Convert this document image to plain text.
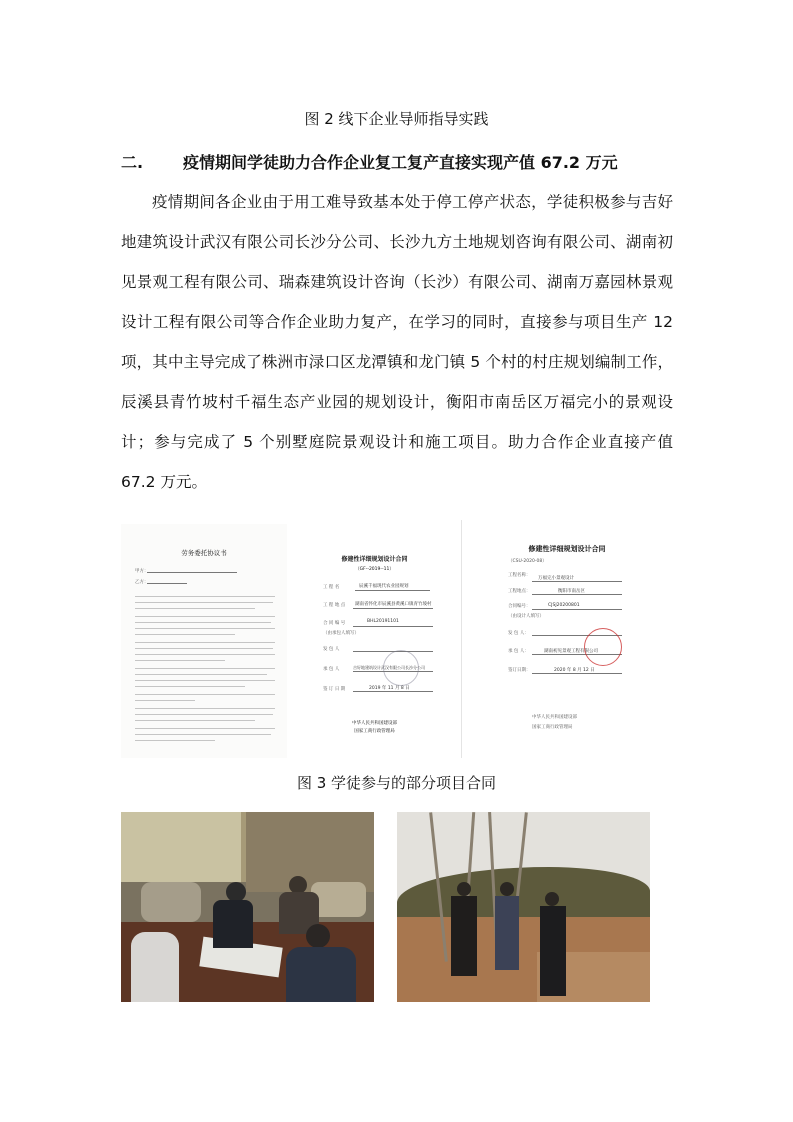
图 2 线下企业导师指导实践
二. 疫情期间学徒助力合作企业复工复产直接实现产值 67.2 万元

疫情期间各企业由于用工难导致基本处于停工停产状态，学徒积极参与吉好地建筑设计武汉有限公司长沙分公司、长沙九方土地规划咨询有限公司、湖南初见景观工程有限公司、瑞森建筑设计咨询（长沙）有限公司、湖南万嘉园林景观设计工程有限公司等合作企业助力复产，在学习的同时，直接参与项目生产 12 项，其中主导完成了株洲市渌口区龙潭镇和龙门镇 5 个村的村庄规划编制工作，辰溪县青竹坡村千福生态产业园的规划设计，衡阳市南岳区万福完小的景观设计；参与完成了 5 个别墅庭院景观设计和施工项目。助力合作企业直接产值 67.2 万元。

劳务委托协议书
甲方：
乙方：
修建性详细规划设计合同
（GF--2019--11）
工 程 名	辰溪千福现代农业园规划
工 程 地 点 湖南省怀化市辰溪县黄溪口镇青竹坡村
合 同 编 号	BHL20191101
（由承包人填写）
发 包 人
承 包 人	吉好地建筑设计武汉有限公司长沙分公司
签 订 日 期	2019 年 11 月 8 日
中华人民共和国建设部
国家工商行政管理局
修建性详细规划设计合同
（CSU-2020-08）
工程名称：
万福完小景观设计
工程地点：	衡阳市南岳区
合同编号：	CJSJ20200801
（由设计人填写）
发 包 人：
承 包 人：	湖南初见景观工程有限公司
签订日期：	2020 年 8 月 12 日
中华人民共和国建设部
国家工商行政管理局
图 3 学徒参与的部分项目合同
